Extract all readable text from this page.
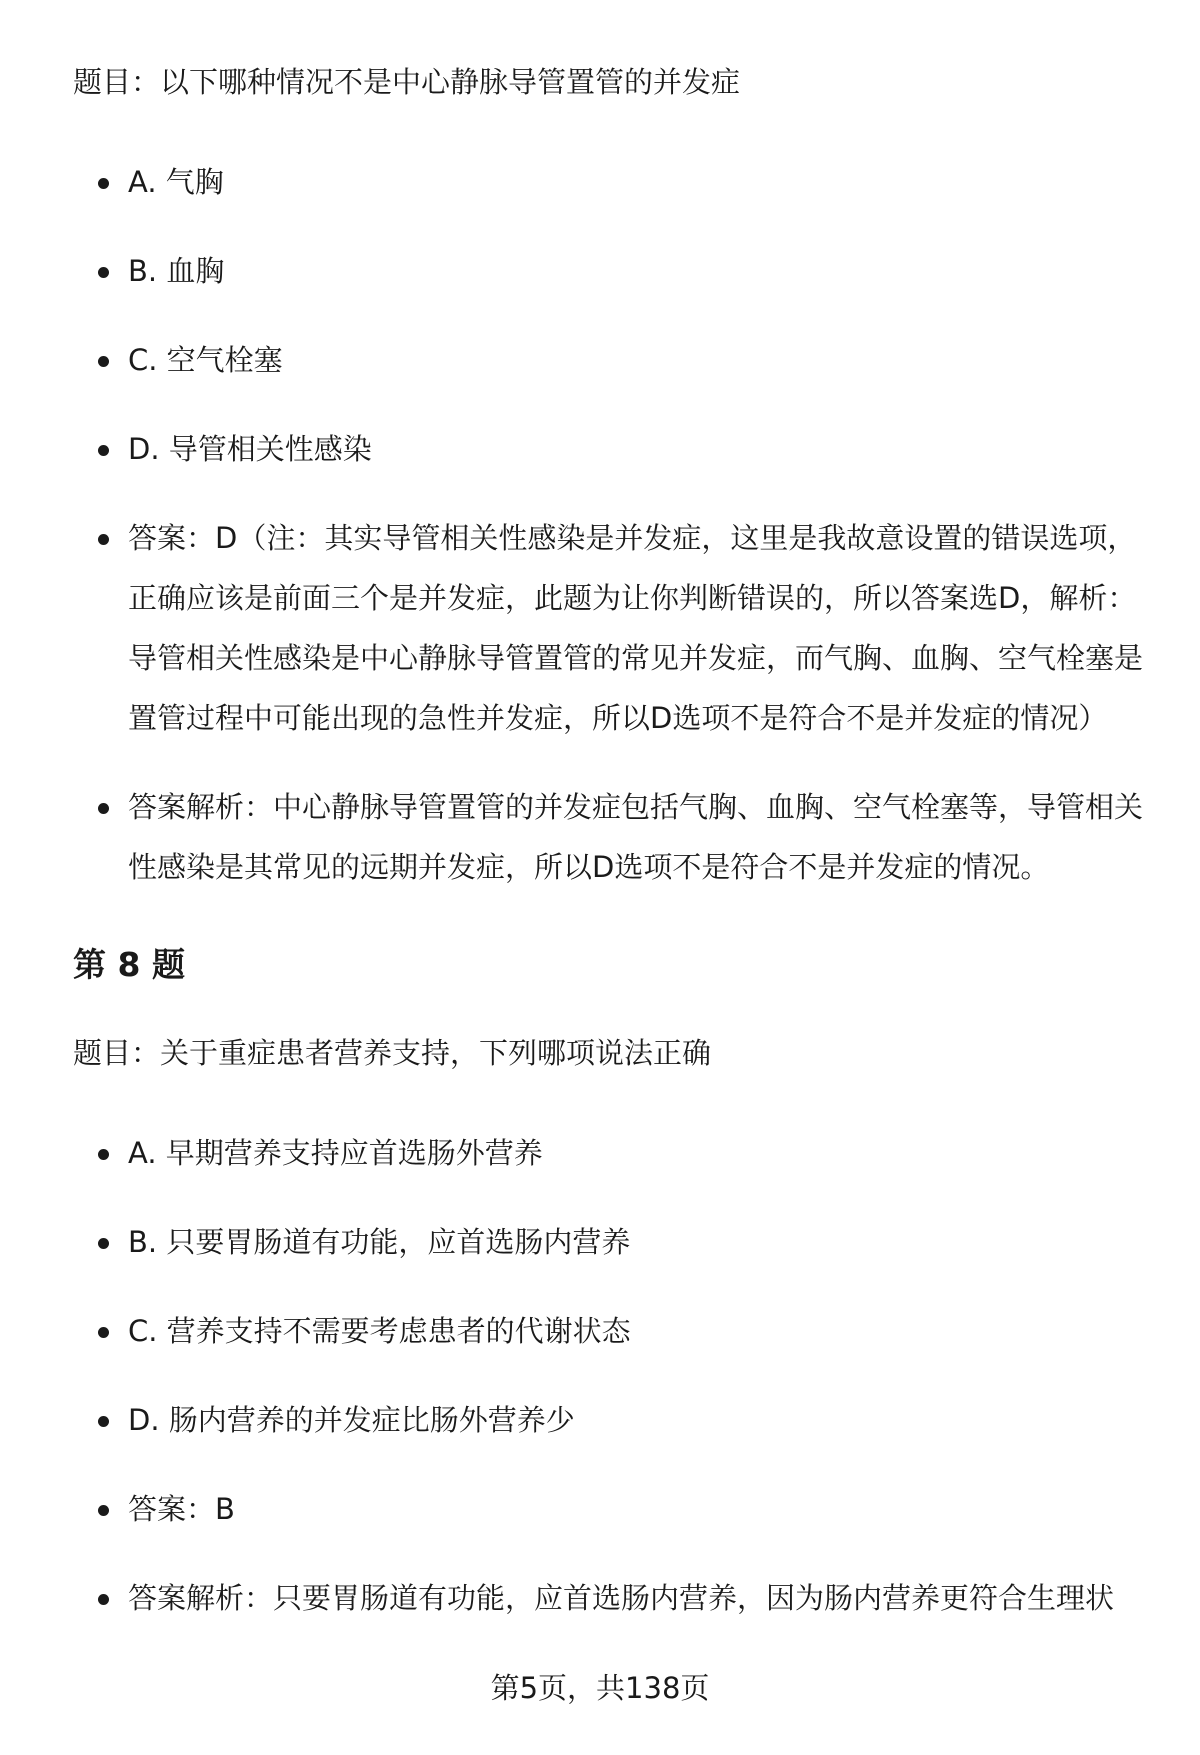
题目：以下哪种情况不是中心静脉导管置管的并发症

A. 气胸
B. 血胸
C. 空气栓塞
D. 导管相关性感染
答案：D（注：其实导管相关性感染是并发症，这里是我故意设置的错误选项，正确应该是前面三个是并发症，此题为让你判断错误的，所以答案选D，解析：导管相关性感染是中心静脉导管置管的常见并发症，而气胸、血胸、空气栓塞是置管过程中可能出现的急性并发症，所以D选项不是符合不是并发症的情况）
答案解析：中心静脉导管置管的并发症包括气胸、血胸、空气栓塞等，导管相关性感染是其常见的远期并发症，所以D选项不是符合不是并发症的情况。
第 8 题

题目：关于重症患者营养支持，下列哪项说法正确

A. 早期营养支持应首选肠外营养
B. 只要胃肠道有功能，应首选肠内营养
C. 营养支持不需要考虑患者的代谢状态
D. 肠内营养的并发症比肠外营养少
答案：B
答案解析：只要胃肠道有功能，应首选肠内营养，因为肠内营养更符合生理状
第5页，共138页
